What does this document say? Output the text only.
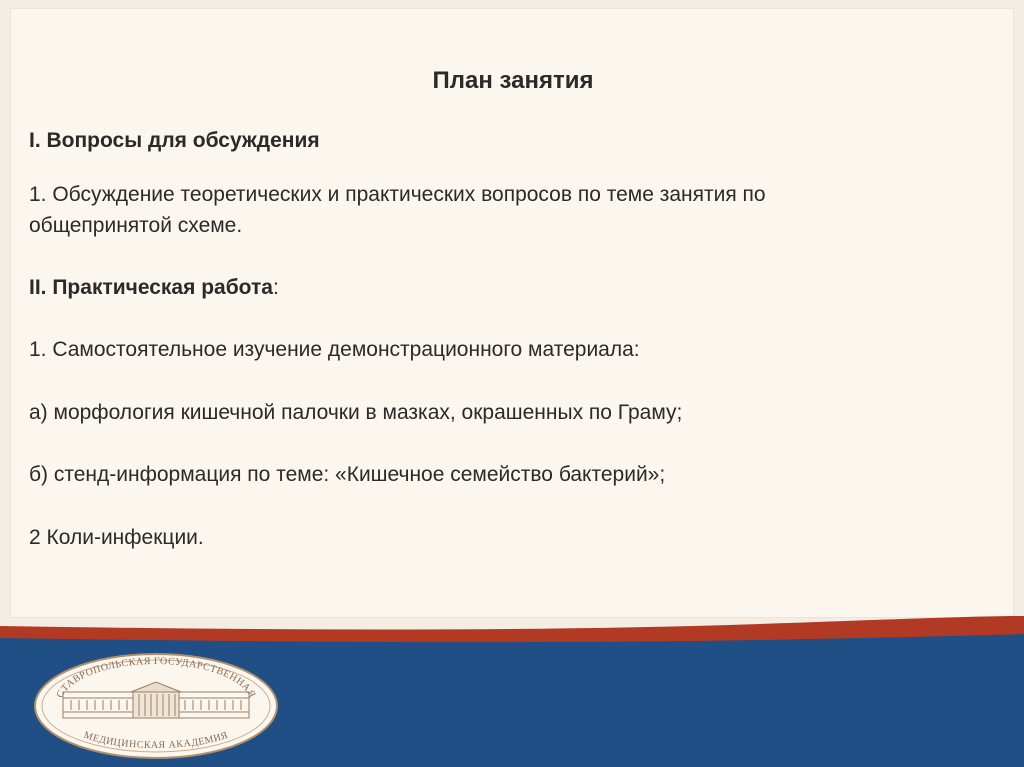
План занятия

I. Вопросы для обсуждения

1. Обсуждение теоретических и практических вопросов по теме занятия по

общепринятой схеме.

II. Практическая работа:

1. Самостоятельное изучение демонстрационного материала:

а) морфология кишечной палочки в мазках, окрашенных по Граму;

б) стенд-информация по теме: «Кишечное семейство бактерий»;

2 Коли-инфекции.

СТАВРОПОЛЬСКАЯ ГОСУДАРСТВЕННАЯ
МЕДИЦИНСКАЯ АКАДЕМИЯ
